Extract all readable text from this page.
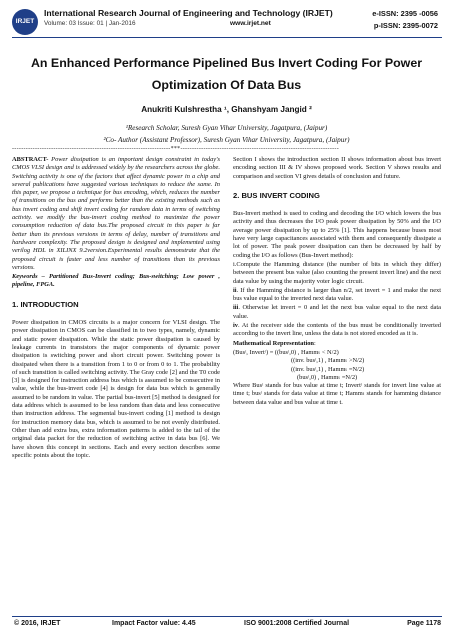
IRJET
International Research Journal of Engineering and Technology (IRJET)
Volume: 03 Issue: 01 | Jan-2016	www.irjet.net
e-ISSN: 2395 -0056
p-ISSN: 2395-0072
An Enhanced Performance Pipelined Bus Invert Coding For Power Optimization Of Data Bus
Anukriti Kulshrestha ¹, Ghanshyam Jangid ²
¹Research Scholar, Suresh Gyan Vihar University, Jagatpura, (Jaipur)
²Co- Author (Assistant Professor), Suresh Gyan Vihar University, Jagatpura, (Jaipur)
---------------------------------------------------------------------***---------------------------------------------------------------------

ABSTRACT- Power dissipation is an important design constraint in today's CMOS VLSI design and is addressed widely by the researchers across the globe. Switching activity is one of the factors that affect dynamic power in a chip and several publications have suggested various techniques to reduce the same. In this paper, we propose a technique for bus encoding, which, reduces the number of transitions on the bus and performs better than the existing methods such as bus invert coding and shift invert coding for random data in terms of switching activity. we modify the bus-invert coding method to maximize the power consumption reduction of data bus.The proposed circuit in this paper is far better than its previous versions in terms of delay, number of transitions and hardware complexity. The proposed design is designed and implemented using verilog HDL in XILINX 9.2version.Experimental results demonstrate that the proposed circuit is faster and less number of transitions than its previous versions.

Keywords – Partitioned Bus-Invert coding; Bus-switching; Low power , pipeline, FPGA.

1. INTRODUCTION

Power dissipation in CMOS circuits is a major concern for VLSI design. The power dissipation in CMOS can be classified in to two types, namely, dynamic and static power dissipation. While the static power dissipation is caused by leakage currents in transistors the major components of dynamic power dissipation is switching power and short circuit power. Switching power is dissipated when there is a transition from 1 to 0 or from 0 to 1. The probability of such transition is called switching activity. The Gray code [2] and the T0 code [3] is designed for instruction address bus which is assumed to be consecutive in value, while the bus-invert code [4] is design for data bus which is generally assumed to be random in value. The partial bus-invert [5] method is designed for data address which is assumed to be less random than data and less consecutive than instruction address. The segmental bus-invert coding [1] method is design for instruction memory data bus, which is assumed to be not evenly distributed. Other than add extra bus, extra information patterns is added to the tail of the original data packet for the reduction of switching active in data bus [6]. We have shown this concept in sections. Each and every section describes some specific points about the topic.

Section I shows the introduction section II shows information about bus invert encoding section III & IV shows proposed work. Section V shows results and comparison and section VI gives details of conclusion and future.

2. BUS INVERT CODING

Bus-Invert method is used to coding and decoding the I/O which lowers the bus activity and thus decreases the I/O peak power dissipation by 50% and the I/O average power dissipation by up to 25% [1]. This happens because buses most have very large capacitances associated with them and consequently dissipate a lot of power. The peak power dissipation can then be decreased by half by coding the I/O as follows (Bus-Invert method):

i.Compute the Hamming distance (the number of bits in which they differ) between the present bus value (also counting the present invert line) and the next data value by using the majority voter logic circuit.

ii. If the Hamming distance is larger than n/2, set invert = 1 and make the next bus value equal to the inverted next data value.

iii. Otherwise let invert = 0 and let the next bus value equal to the next data value.

iv. At the receiver side the contents of the bus must be conditionally inverted according to the invert line, unless the data is not stored encoded as it is.

Mathematical Representation:

(Busᵗ, Invertᵗ) = ((busᵗ,0) , Hammₜ < N/2)
((inv. busᵗ,1) , Hammₜ >N/2)
((inv. busᵗ,1) , Hammₜ =N/2)
(busᵗ,0) , Hammₜ =N/2)

Where Busᵗ stands for bus value at time t; Invertᵗ stands for invert line value at time t; busᵗ stands for data value at time t; Hammₜ stands for hamming distance between data value and bus value at time t.

© 2016, IRJET	Impact Factor value: 4.45	ISO 9001:2008 Certified Journal	Page 1178
